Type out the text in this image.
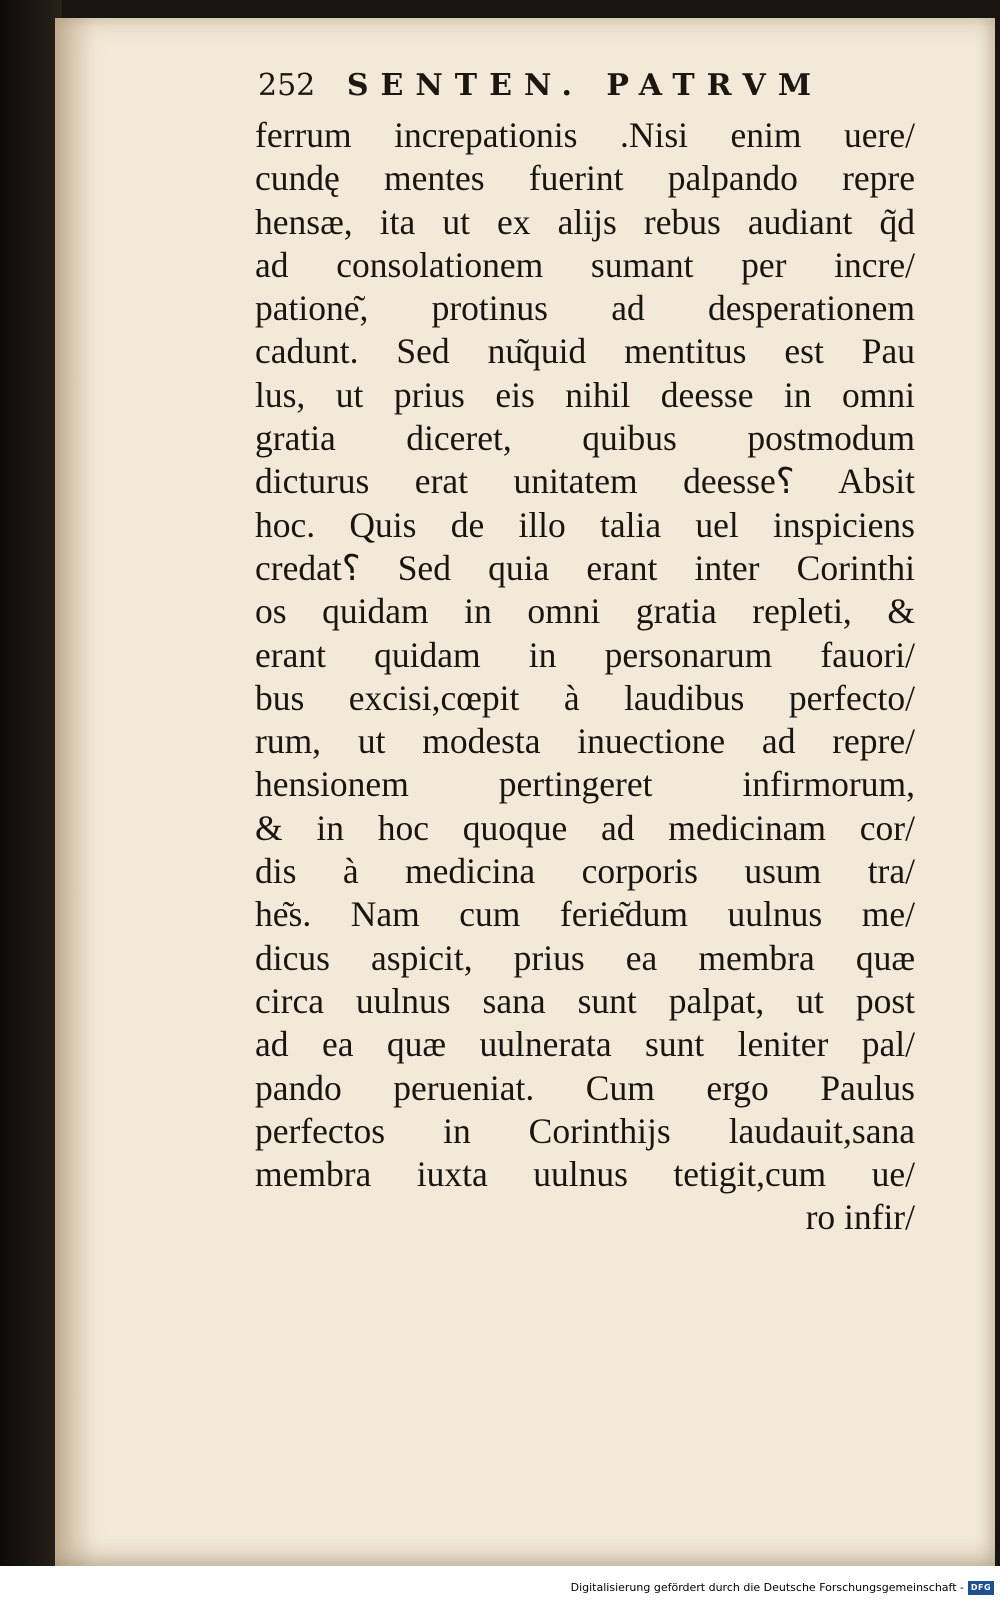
252 SENTEN. PATRVM
ferrum increpationis .Nisi enim uere/
cundę mentes fuerint palpando repre
hensæ, ita ut ex aliјs rebus audiant q̃d
ad consolationem sumant per incre/
patione͂, protinus ad desperationem
cadunt. Sed nu͂quid mentitus est Pau
lus, ut prius eis nihil deesse in omni
gratia diceret, quibus postmodum
dicturus erat unitatem deesse⸮ Absit
hoc. Quis de illo talia uel inspiciens
credat⸮ Sed quia erant inter Corinthi
os quidam in omni gratia repleti, &
erant quidam in personarum fauori/
bus excisi,cœpit à laudibus perfecto/
rum, ut modesta inuectione ad repre/
hensionem pertingeret infirmorum,
& in hoc quoque ad medicinam cor/
dis à medicina corporis usum tra/
he͂s. Nam cum ferie͂dum uulnus me/
dicus aspicit, prius ea membra quæ
circa uulnus sana sunt palpat, ut post
ad ea quæ uulnerata sunt leniter pal/
pando perueniat. Cum ergo Paulus
perfectos in Corinthiјs laudauit,sana
membra iuxta uulnus tetigit,cum ue/
ro infir/
Digitalisierung gefördert durch die Deutsche Forschungsgemeinschaft - DFG
